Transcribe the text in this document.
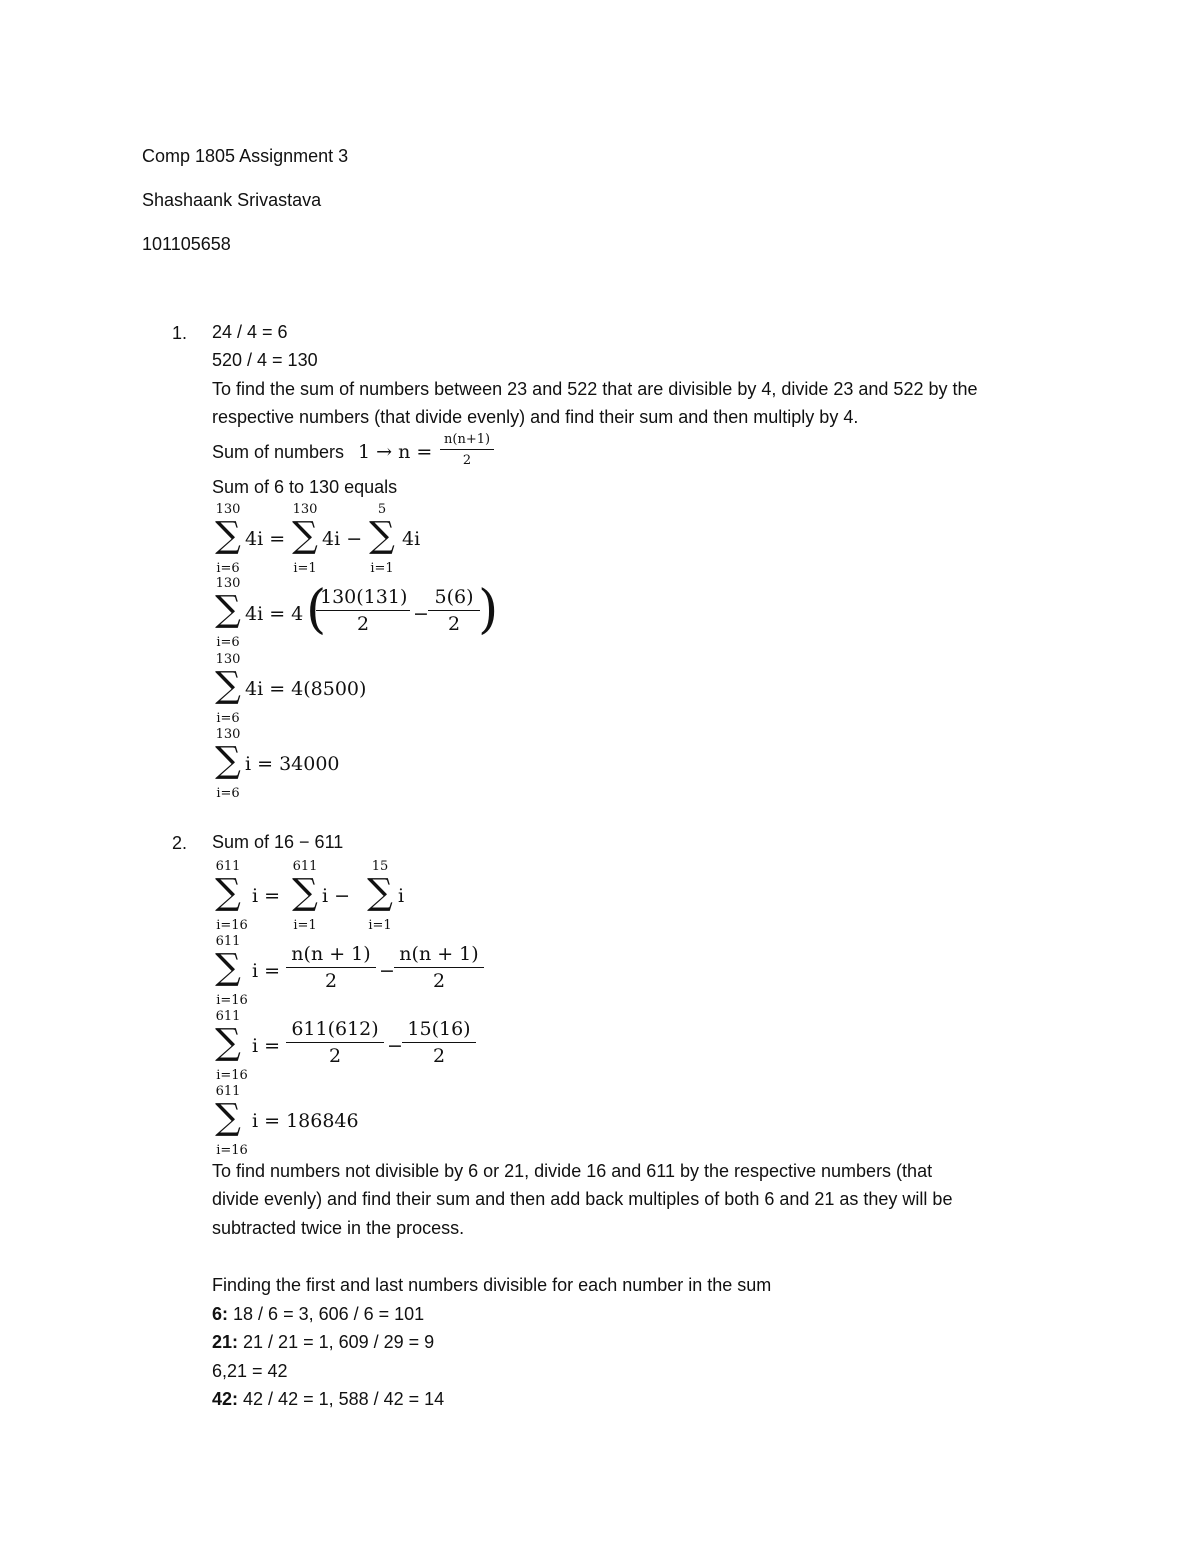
Comp 1805 Assignment 3
Shashaank Srivastava
101105658
1. 24 / 4 = 6
520 / 4 = 130
To find the sum of numbers between 23 and 522 that are divisible by 4, divide 23 and 522 by the
respective numbers (that divide evenly) and find their sum and then multiply by 4.
Sum of numbers $1 \to n = \frac{n(n+1)}{2}$
Sum of 6 to 130 equals
130
∑
i=6
4i =
130
∑
i=1
4i −
5
∑
i=1
4i
130
∑
i=6
4i = 4 (
$\frac{130(131)}{2} - \frac{5(6)}{2}$
)
130
∑
i=6
4i = 4(8500)
130
∑
i=6
i = 34000
2. Sum of 16 − 611
611
∑
i=16
i =
611
∑
i=1
i −
15
∑
i=1
i
611
∑
i=16
$i = \frac{n(n + 1)}{2} - \frac{n(n + 1)}{2}$
611
∑
i=16
$i = \frac{611(612)}{2} - \frac{15(16)}{2}$
611
∑
i=16
i = 186846
To find numbers not divisible by 6 or 21, divide 16 and 611 by the respective numbers (that
divide evenly) and find their sum and then add back multiples of both 6 and 21 as they will be
subtracted twice in the process.
Finding the first and last numbers divisible for each number in the sum
6: 18 / 6 = 3, 606 / 6 = 101
21: 21 / 21 = 1, 609 / 29 = 9
6,21 = 42
42: 42 / 42 = 1, 588 / 42 = 14
